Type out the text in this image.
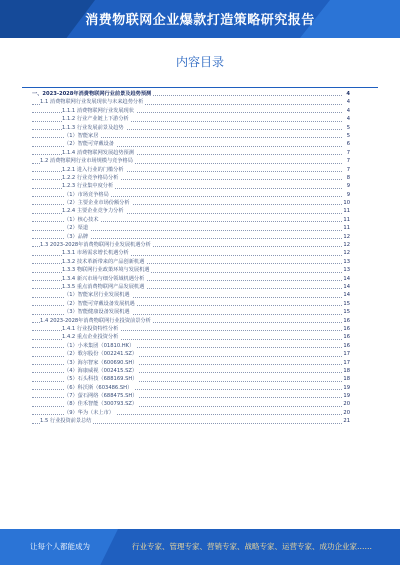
消费物联网企业爆款打造策略研究报告
内容目录
一、2023-2028年消费物联网行业前景及趋势预测	4
1.1 消费物联网行业发展现状与未来趋势分析	4
1.1.1 消费物联网行业发展现状	4
1.1.2 行业产业链上下游分析	4
1.1.3 行业发展前景及趋势	5
（1）智能家居	5
（2）智能可穿戴设备	6
1.1.4 消费物联网发展趋势预测	7
1.2 消费物联网行业市场规模与竞争格局	7
1.2.1 进入行业的门槛分析	7
1.2.2 行业竞争格局分析	8
1.2.3 行业集中度分析	9
（1）市场竞争格局	9
（2）主要企业市场份额分析	10
1.2.4 主要企业竞争力分析	11
（1）核心技术	11
（2）渠道	11
（3）品牌	12
1.3 2023-2028年消费物联网行业发展机遇分析	12
1.3.1 市场需求增长机遇分析	12
1.3.2 技术革新带来的产品创新机遇	13
1.3.3 物联网行业政策环境与发展机遇	13
1.3.4 新兴市场与细分领域机遇分析	14
1.3.5 重点消费物联网产品发展机遇	14
（1）智能家居行业发展机遇	14
（2）智能可穿戴设备发展机遇	15
（3）智能健康设备发展机遇	15
1.4 2023-2028年消费物联网行业投资前景分析	16
1.4.1 行业投资特性分析	16
1.4.2 重点企业投资分析	16
（1）小米集团（01810.HK）	16
（2）歌尔股份（002241.SZ）	17
（3）海尔智家（600690.SH）	17
（4）海康威视（002415.SZ）	18
（5）石头科技（688169.SH）	18
（6）科沃斯（603486.SH）	19
（7）萤石网络（688475.SH）	19
（8）佳禾智能（300793.SZ）	20
（9）华为（未上市）	20
1.5 行业投资前景总结	21
让每个人都能成为	行业专家、管理专家、营销专家、战略专家、运营专家、成功企业家……
